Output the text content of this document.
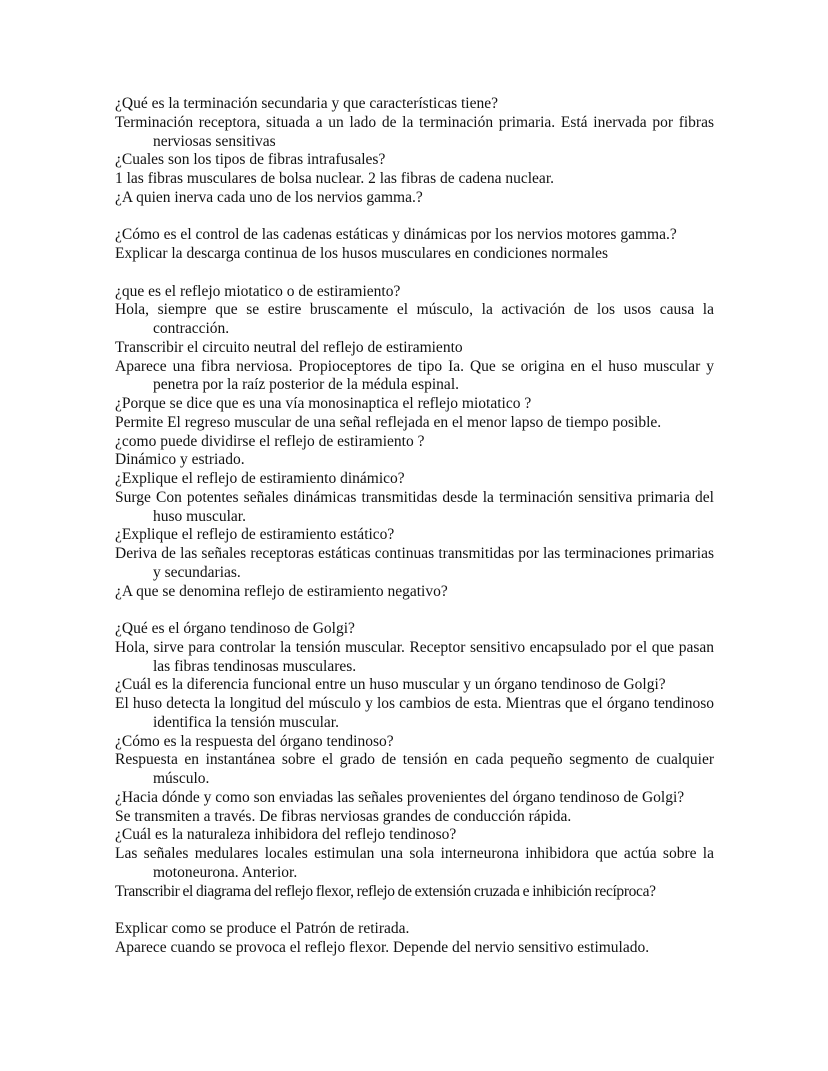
¿Qué es la terminación secundaria y que características tiene?
Terminación receptora, situada a un lado de la terminación primaria. Está inervada por fibras nerviosas sensitivas
¿Cuales son los tipos de fibras intrafusales?
1 las fibras musculares de bolsa nuclear. 2 las fibras de cadena nuclear.
¿A quien inerva cada uno de los nervios gamma.?
¿Cómo es el control de las cadenas estáticas y dinámicas por los nervios motores gamma.?
Explicar la descarga continua de los husos musculares en condiciones normales
¿que es el reflejo miotatico o de estiramiento?
Hola, siempre que se estire bruscamente el músculo, la activación de los usos causa la contracción.
Transcribir el circuito neutral del reflejo de estiramiento
Aparece una fibra nerviosa. Propioceptores de tipo Ia. Que se origina en el huso muscular y penetra por la raíz posterior de la médula espinal.
¿Porque se dice que es una vía monosinaptica el reflejo miotatico ?
Permite El regreso muscular de una señal reflejada en el menor lapso de tiempo posible.
¿como puede dividirse el reflejo de estiramiento ?
Dinámico y estriado.
¿Explique el reflejo de estiramiento dinámico?
Surge Con potentes señales dinámicas transmitidas desde la terminación sensitiva primaria del huso muscular.
¿Explique el reflejo de estiramiento estático?
Deriva de las señales receptoras estáticas continuas transmitidas por las terminaciones primarias y secundarias.
¿A que se denomina reflejo de estiramiento negativo?
¿Qué es el órgano tendinoso de Golgi?
Hola, sirve para controlar la tensión muscular. Receptor sensitivo encapsulado por el que pasan las fibras tendinosas musculares.
¿Cuál es la diferencia funcional entre un huso muscular y un órgano tendinoso de Golgi?
El huso detecta la longitud del músculo y los cambios de esta. Mientras que el órgano tendinoso identifica la tensión muscular.
¿Cómo es la respuesta del órgano tendinoso?
Respuesta en instantánea sobre el grado de tensión en cada pequeño segmento de cualquier músculo.
¿Hacia dónde y como son enviadas las señales provenientes del órgano tendinoso de Golgi?
Se transmiten a través. De fibras nerviosas grandes de conducción rápida.
¿Cuál es la naturaleza inhibidora del reflejo tendinoso?
Las señales medulares locales estimulan una sola interneurona inhibidora que actúa sobre la motoneurona. Anterior.
Transcribir el diagrama del reflejo flexor, reflejo de extensión cruzada e inhibición recíproca?
Explicar como se produce el Patrón de retirada.
Aparece cuando se provoca el reflejo flexor. Depende del nervio sensitivo estimulado.
